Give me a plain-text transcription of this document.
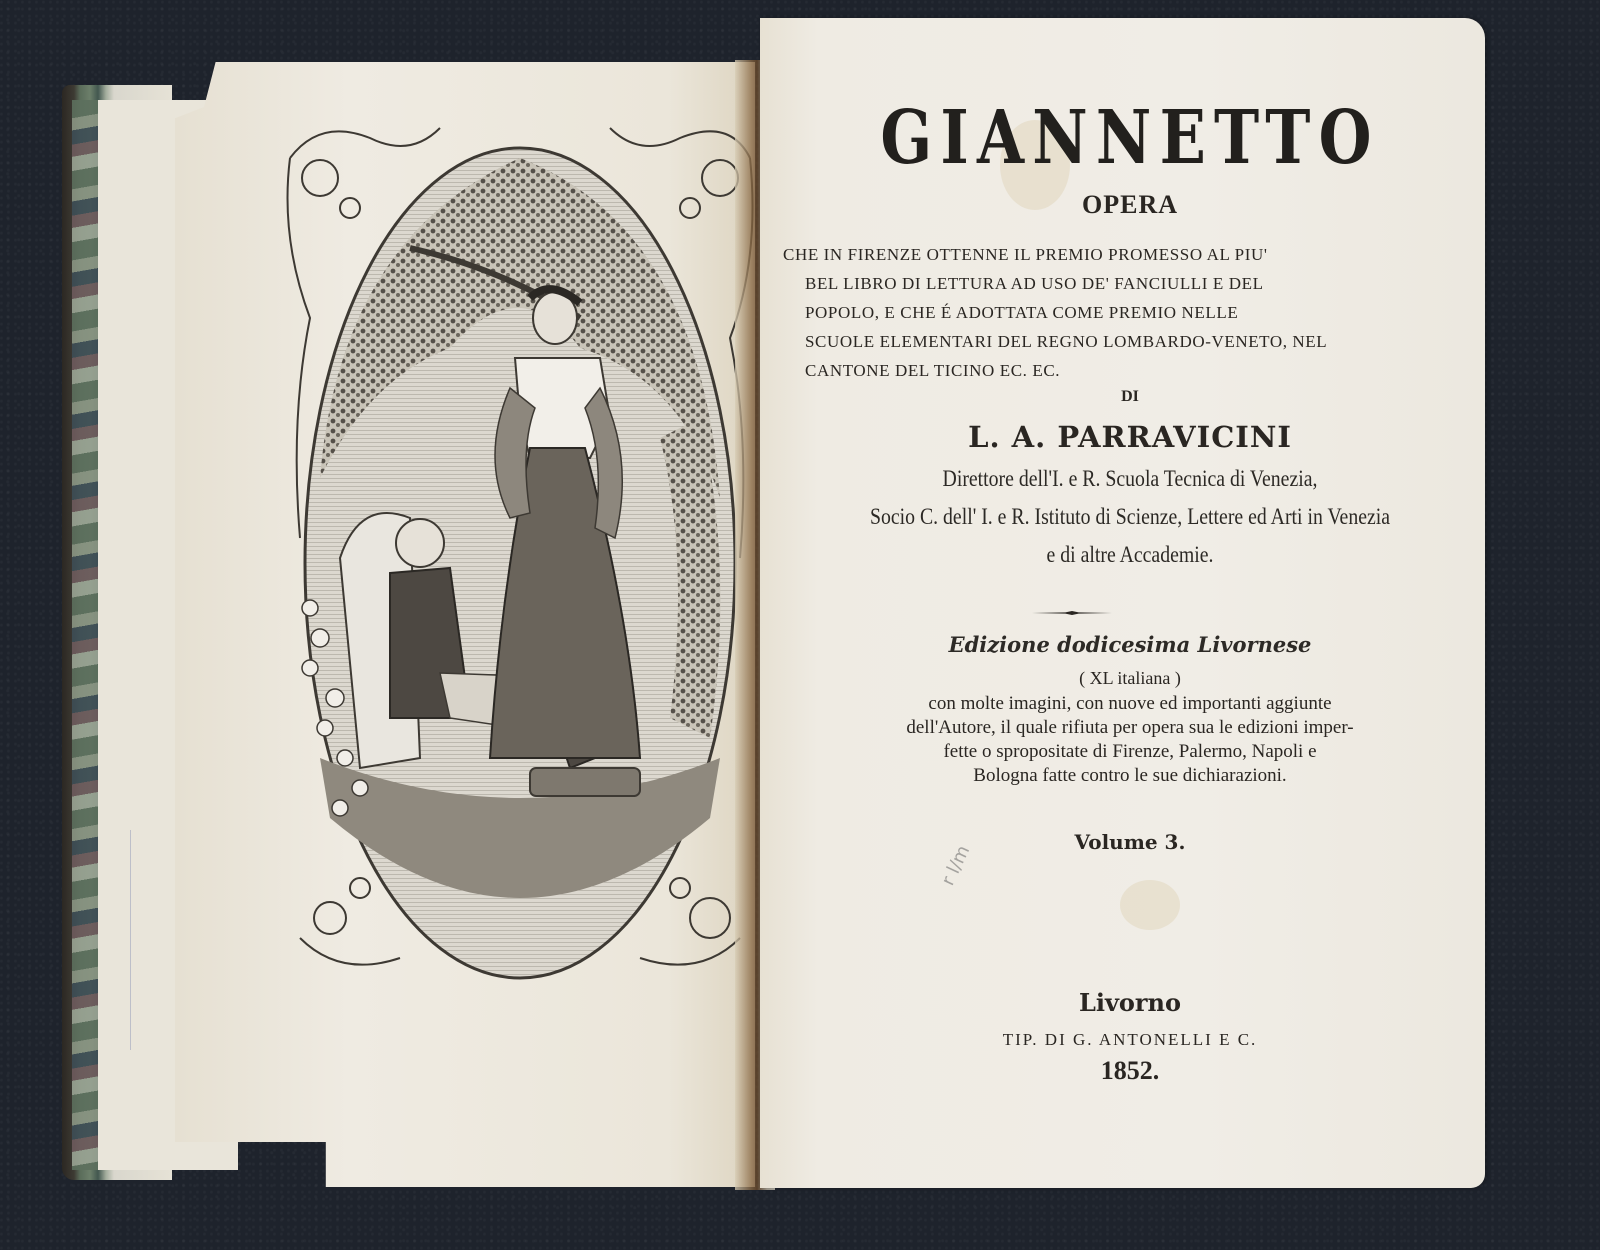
GIANNETTO
OPERA
CHE IN FIRENZE OTTENNE IL PREMIO PROMESSO AL PIU'
BEL LIBRO DI LETTURA AD USO DE' FANCIULLI E DEL
POPOLO, E CHE É ADOTTATA COME PREMIO NELLE
SCUOLE ELEMENTARI DEL REGNO LOMBARDO-VENETO, NEL
CANTONE DEL TICINO EC. EC.
DI
L. A. PARRAVICINI
Direttore dell'I. e R. Scuola Tecnica di Venezia,
Socio C. dell' I. e R. Istituto di Scienze, Lettere ed Arti in Venezia
e di altre Accademie.
Edizione dodicesima Livornese
( XL italiana )
con molte imagini, con nuove ed importanti aggiunte
dell'Autore, il quale rifiuta per opera sua le edizioni imper-
fette o spropositate di Firenze, Palermo, Napoli e
Bologna fatte contro le sue dichiarazioni.
Volume 3.
r l/m
Livorno
TIP. DI G. ANTONELLI E C.
1852.
